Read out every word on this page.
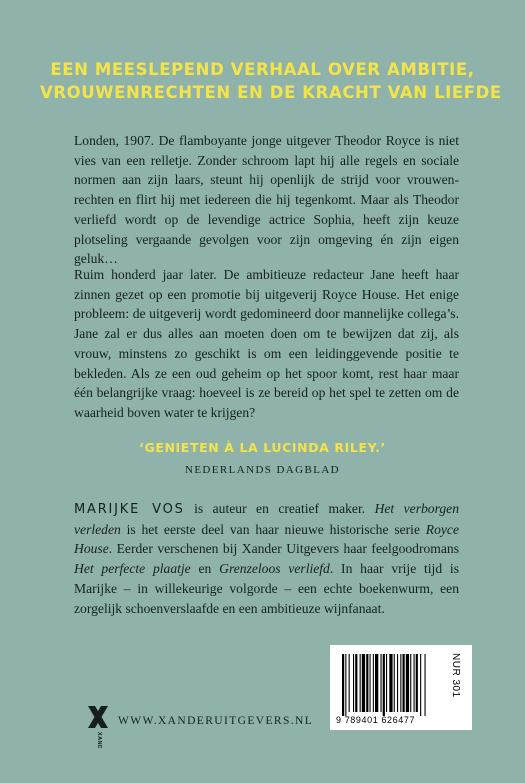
EEN MEESLEPEND VERHAAL OVER AMBITIE,
VROUWENRECHTEN EN DE KRACHT VAN LIEFDE
Londen, 1907. De flamboyante jonge uitgever Theodor Royce is niet vies van een relletje. Zonder schroom lapt hij alle regels en sociale normen aan zijn laars, steunt hij openlijk de strijd voor vrouwenrechten en flirt hij met iedereen die hij tegenkomt. Maar als Theodor verliefd wordt op de levendige actrice Sophia, heeft zijn keuze plotseling vergaande gevolgen voor zijn omgeving én zijn eigen geluk…
Ruim honderd jaar later. De ambitieuze redacteur Jane heeft haar zinnen gezet op een promotie bij uitgeverij Royce House. Het enige probleem: de uitgeverij wordt gedomineerd door mannelijke collega’s. Jane zal er dus alles aan moeten doen om te bewijzen dat zij, als vrouw, minstens zo geschikt is om een leidinggevende positie te bekleden. Als ze een oud geheim op het spoor komt, rest haar maar één belangrijke vraag: hoeveel is ze bereid op het spel te zetten om de waarheid boven water te krijgen?
‘GENIETEN À LA LUCINDA RILEY.’
NEDERLANDS DAGBLAD
MARIJKE VOS is auteur en creatief maker. Het verborgen verleden is het eerste deel van haar nieuwe historische serie Royce House. Eerder verschenen bij Xander Uitgevers haar feelgoodromans Het perfecte plaatje en Grenzeloos verliefd. In haar vrije tijd is Marijke – in willekeurige volgorde – een echte boekenwurm, een zorgelijk schoenverslaafde en een ambitieuze wijnfanaat.
XANDER
WWW.XANDERUITGEVERS.NL	9 789401 626477
NUR 301
